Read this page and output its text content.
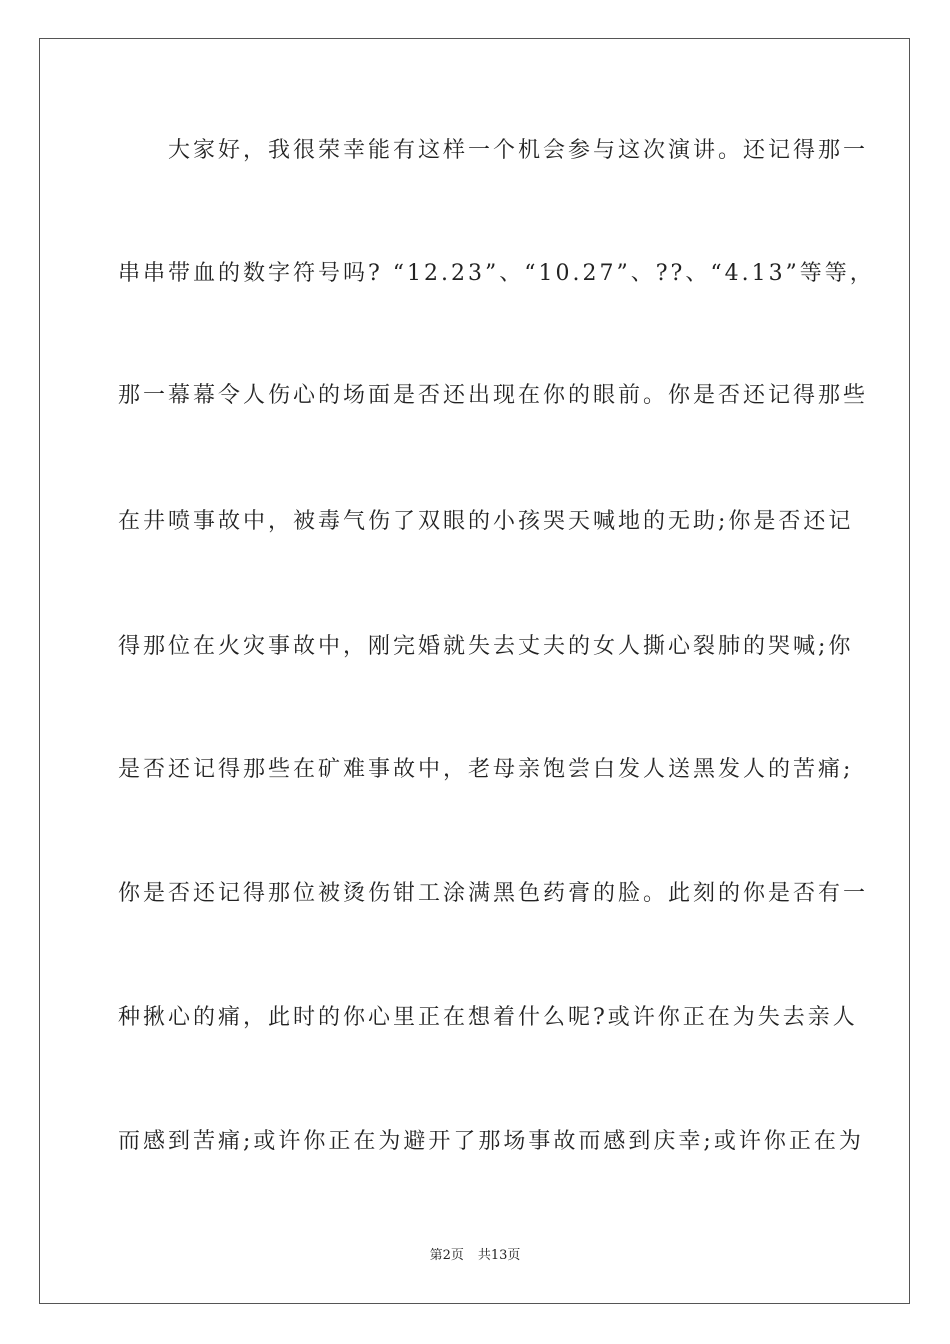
　　大家好，我很荣幸能有这样一个机会参与这次演讲。还记得那一
串串带血的数字符号吗? “12.23”、“10.27”、??、“4.13”等等，
那一幕幕令人伤心的场面是否还出现在你的眼前。你是否还记得那些
在井喷事故中，被毒气伤了双眼的小孩哭天喊地的无助;你是否还记
得那位在火灾事故中，刚完婚就失去丈夫的女人撕心裂肺的哭喊;你
是否还记得那些在矿难事故中，老母亲饱尝白发人送黑发人的苦痛;
你是否还记得那位被烫伤钳工涂满黑色药膏的脸。此刻的你是否有一
种揪心的痛，此时的你心里正在想着什么呢?或许你正在为失去亲人
而感到苦痛;或许你正在为避开了那场事故而感到庆幸;或许你正在为
第2页 共13页
